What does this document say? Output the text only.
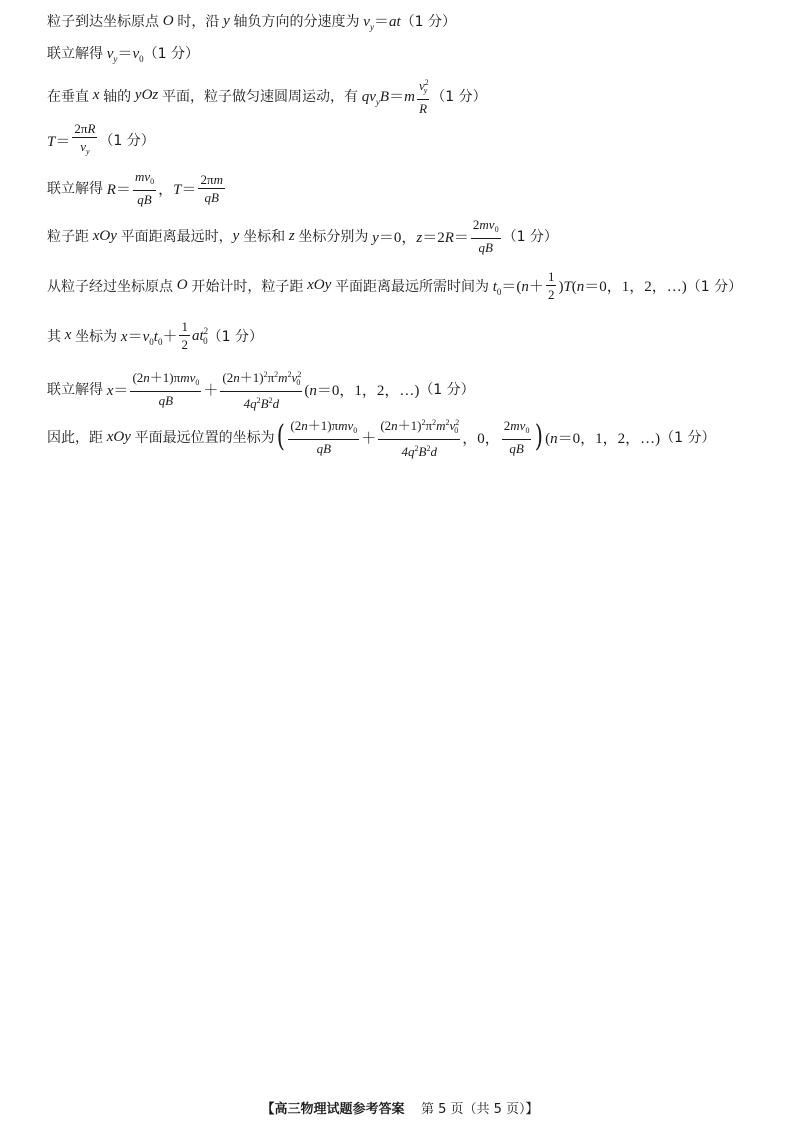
粒子到达坐标原点 O 时，沿 y 轴负方向的分速度为 $v_y=at$ （1 分）
联立解得 $v_y=v_0$ （1 分）
在垂直 x 轴的 yOz 平面，粒子做匀速圆周运动，有 $qv_yB=m \frac{v^2_y}{R} (1$ 分）
$T= \frac{2\pi R}{v_y} (1$ 分）
联立解得 $R= \frac{mv_0}{qB}$ ， $T= \frac{2\pi m}{qB}$
粒子距 xOy 平面距离最远时， y 坐标和 z 坐标分别为 y＝0，$z=2R= \frac{2mv_0}{qB} (1$ 分）
从粒子经过坐标原点 O 开始计时，粒子距 xOy 平面距离最远所需时间为 $t_0=(n+ \frac{1}{2} )T(n=0$，1，2，…) （1 分）
其 x 坐标为 $x=v_0t_0+ \frac{1}{2} at^2_0$ （1 分）
联立解得 $x= \frac{(2n+1)\pi mv_0}{qB} + \frac{(2n+1)^2\pi^2m^2v^2_0}{4q^2B^2d} (n=0$，1，2，…) （1 分）
因此，距 xOy 平面最远位置的坐标为 ( $\frac{(2n+1)\pi mv_0}{qB} + \frac{(2n+1)^2\pi^2m^2v^2_0}{4q^2B^2d}$ ，0， $\frac{2mv_0}{qB}$ ) (n＝0，1，2，…) （1 分）
【高三物理试题参考答案 第 5 页（共 5 页）】
